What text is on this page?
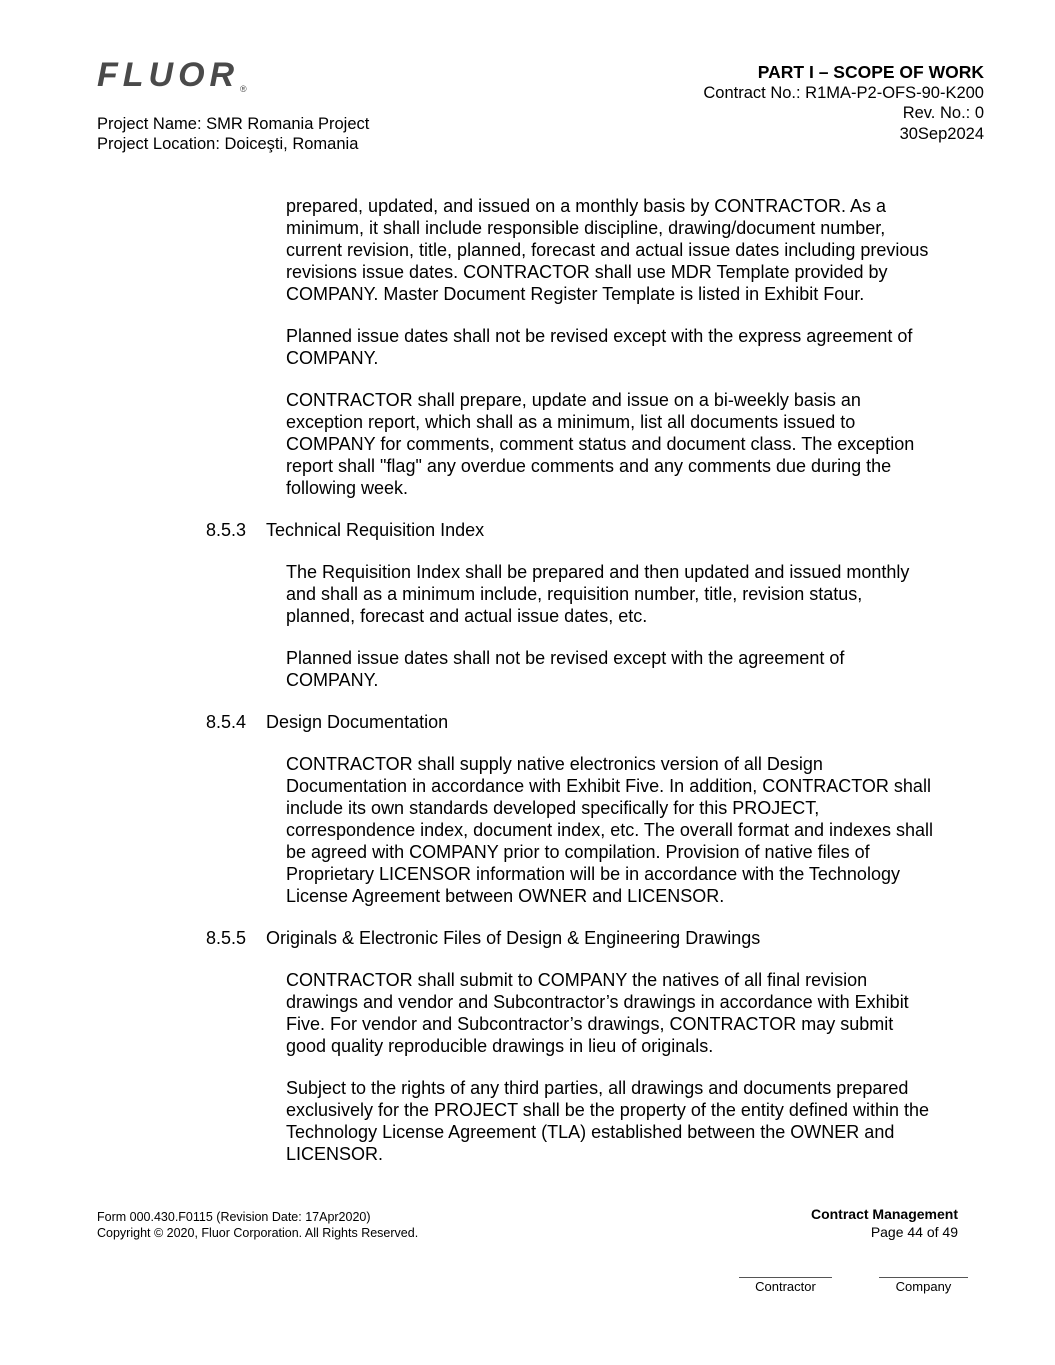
FLUOR ®
Project Name: SMR Romania Project
Project Location: Doiceşti, Romania
PART I – SCOPE OF WORK
Contract No.: R1MA-P2-OFS-90-K200
Rev. No.: 0
30Sep2024
prepared, updated, and issued on a monthly basis by CONTRACTOR. As a
minimum, it shall include responsible discipline, drawing/document number,
current revision, title, planned, forecast and actual issue dates including previous
revisions issue dates. CONTRACTOR shall use MDR Template provided by
COMPANY. Master Document Register Template is listed in Exhibit Four.
Planned issue dates shall not be revised except with the express agreement of
COMPANY.
CONTRACTOR shall prepare, update and issue on a bi-weekly basis an
exception report, which shall as a minimum, list all documents issued to
COMPANY for comments, comment status and document class. The exception
report shall "flag" any overdue comments and any comments due during the
following week.
8.5.3 Technical Requisition Index
The Requisition Index shall be prepared and then updated and issued monthly
and shall as a minimum include, requisition number, title, revision status,
planned, forecast and actual issue dates, etc.
Planned issue dates shall not be revised except with the agreement of
COMPANY.
8.5.4 Design Documentation
CONTRACTOR shall supply native electronics version of all Design
Documentation in accordance with Exhibit Five. In addition, CONTRACTOR shall
include its own standards developed specifically for this PROJECT,
correspondence index, document index, etc. The overall format and indexes shall
be agreed with COMPANY prior to compilation. Provision of native files of
Proprietary LICENSOR information will be in accordance with the Technology
License Agreement between OWNER and LICENSOR.
8.5.5 Originals & Electronic Files of Design & Engineering Drawings
CONTRACTOR shall submit to COMPANY the natives of all final revision
drawings and vendor and Subcontractor’s drawings in accordance with Exhibit
Five. For vendor and Subcontractor’s drawings, CONTRACTOR may submit
good quality reproducible drawings in lieu of originals.
Subject to the rights of any third parties, all drawings and documents prepared
exclusively for the PROJECT shall be the property of the entity defined within the
Technology License Agreement (TLA) established between the OWNER and
LICENSOR.
Form 000.430.F0115 (Revision Date: 17Apr2020)
Copyright © 2020, Fluor Corporation. All Rights Reserved.
Contract Management
Page 44 of 49
Contractor	Company
